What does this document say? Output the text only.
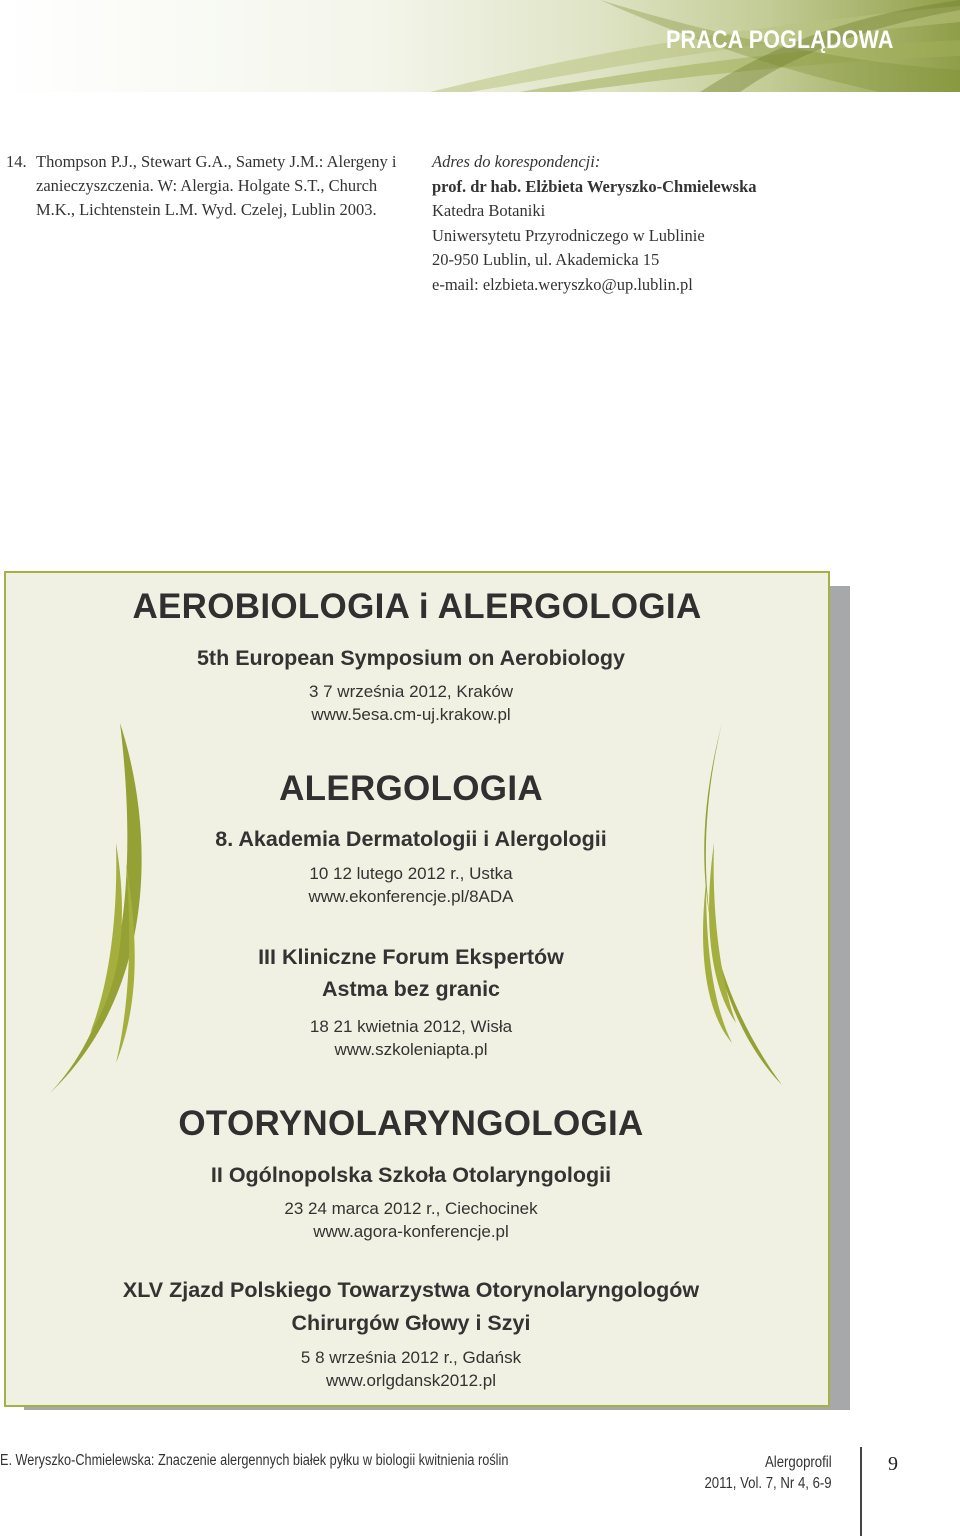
PRACA POGLĄDOWA
14. Thompson P.J., Stewart G.A., Samety J.M.: Alergeny i zanieczyszczenia. W: Alergia. Holgate S.T., Church M.K., Lichtenstein L.M. Wyd. Czelej, Lublin 2003.
Adres do korespondencji:
prof. dr hab. Elżbieta Weryszko-Chmielewska
Katedra Botaniki
Uniwersytetu Przyrodniczego w Lublinie
20-950 Lublin, ul. Akademicka 15
e-mail: elzbieta.weryszko@up.lublin.pl
AEROBIOLOGIA i ALERGOLOGIA
5th European Symposium on Aerobiology
3 7 września 2012, Kraków
www.5esa.cm-uj.krakow.pl
ALERGOLOGIA
8. Akademia Dermatologii i Alergologii
10 12 lutego 2012 r., Ustka
www.ekonferencje.pl/8ADA
III Kliniczne Forum Ekspertów
Astma bez granic
18 21 kwietnia 2012, Wisła
www.szkoleniapta.pl
OTORYNOLARYNGOLOGIA
II Ogólnopolska Szkoła Otolaryngologii
23 24 marca 2012 r., Ciechocinek
www.agora-konferencje.pl
XLV Zjazd Polskiego Towarzystwa Otorynolaryngologów
Chirurgów Głowy i Szyi
5 8 września 2012 r., Gdańsk
www.orlgdansk2012.pl
E. Weryszko-Chmielewska: Znaczenie alergennych białek pyłku w biologii kwitnienia roślin	Alergoprofil
2011, Vol. 7, Nr 4, 6-9
9
